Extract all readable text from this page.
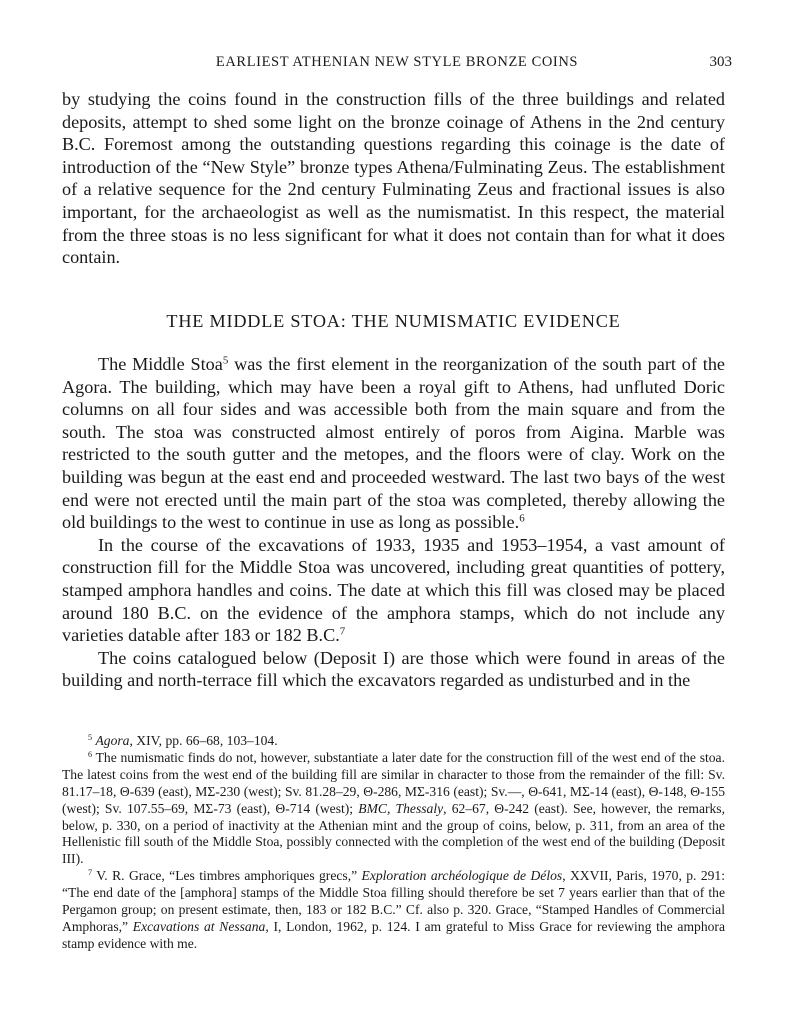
EARLIEST ATHENIAN NEW STYLE BRONZE COINS	303

by studying the coins found in the construction fills of the three buildings and related deposits, attempt to shed some light on the bronze coinage of Athens in the 2nd century B.C. Foremost among the outstanding questions regarding this coinage is the date of introduction of the “New Style” bronze types Athena/Fulminating Zeus. The establishment of a relative sequence for the 2nd century Fulminating Zeus and fractional issues is also important, for the archaeologist as well as the numismatist. In this respect, the material from the three stoas is no less significant for what it does not contain than for what it does contain.

THE MIDDLE STOA: THE NUMISMATIC EVIDENCE

The Middle Stoa$^5$ was the first element in the reorganization of the south part of the Agora. The building, which may have been a royal gift to Athens, had unfluted Doric columns on all four sides and was accessible both from the main square and from the south. The stoa was constructed almost entirely of poros from Aigina. Marble was restricted to the south gutter and the metopes, and the floors were of clay. Work on the building was begun at the east end and proceeded westward. The last two bays of the west end were not erected until the main part of the stoa was completed, thereby allowing the old buildings to the west to continue in use as long as possible.$^6$

In the course of the excavations of 1933, 1935 and 1953–1954, a vast amount of construction fill for the Middle Stoa was uncovered, including great quantities of pottery, stamped amphora handles and coins. The date at which this fill was closed may be placed around 180 B.C. on the evidence of the amphora stamps, which do not include any varieties datable after 183 or 182 B.C.$^7$

The coins catalogued below (Deposit I) are those which were found in areas of the building and north-terrace fill which the excavators regarded as undisturbed and in the

$^5$ Agora, XIV, pp. 66–68, 103–104.

$^6$ The numismatic finds do not, however, substantiate a later date for the construction fill of the west end of the stoa. The latest coins from the west end of the building fill are similar in character to those from the remainder of the fill: Sv. 81.17–18, Θ-639 (east), ΜΣ-230 (west); Sv. 81.28–29, Θ-286, ΜΣ-316 (east); Sv.—, Θ-641, ΜΣ-14 (east), Θ-148, Θ-155 (west); Sv. 107.55–69, ΜΣ-73 (east), Θ-714 (west); BMC, Thessaly, 62–67, Θ-242 (east). See, however, the remarks, below, p. 330, on a period of inactivity at the Athenian mint and the group of coins, below, p. 311, from an area of the Hellenistic fill south of the Middle Stoa, possibly connected with the completion of the west end of the building (Deposit III).

$^7$ V. R. Grace, “Les timbres amphoriques grecs,” Exploration archéologique de Délos, XXVII, Paris, 1970, p. 291: “The end date of the [amphora] stamps of the Middle Stoa filling should therefore be set 7 years earlier than that of the Pergamon group; on present estimate, then, 183 or 182 B.C.” Cf. also p. 320. Grace, “Stamped Handles of Commercial Amphoras,” Excavations at Nessana, I, London, 1962, p. 124. I am grateful to Miss Grace for reviewing the amphora stamp evidence with me.
